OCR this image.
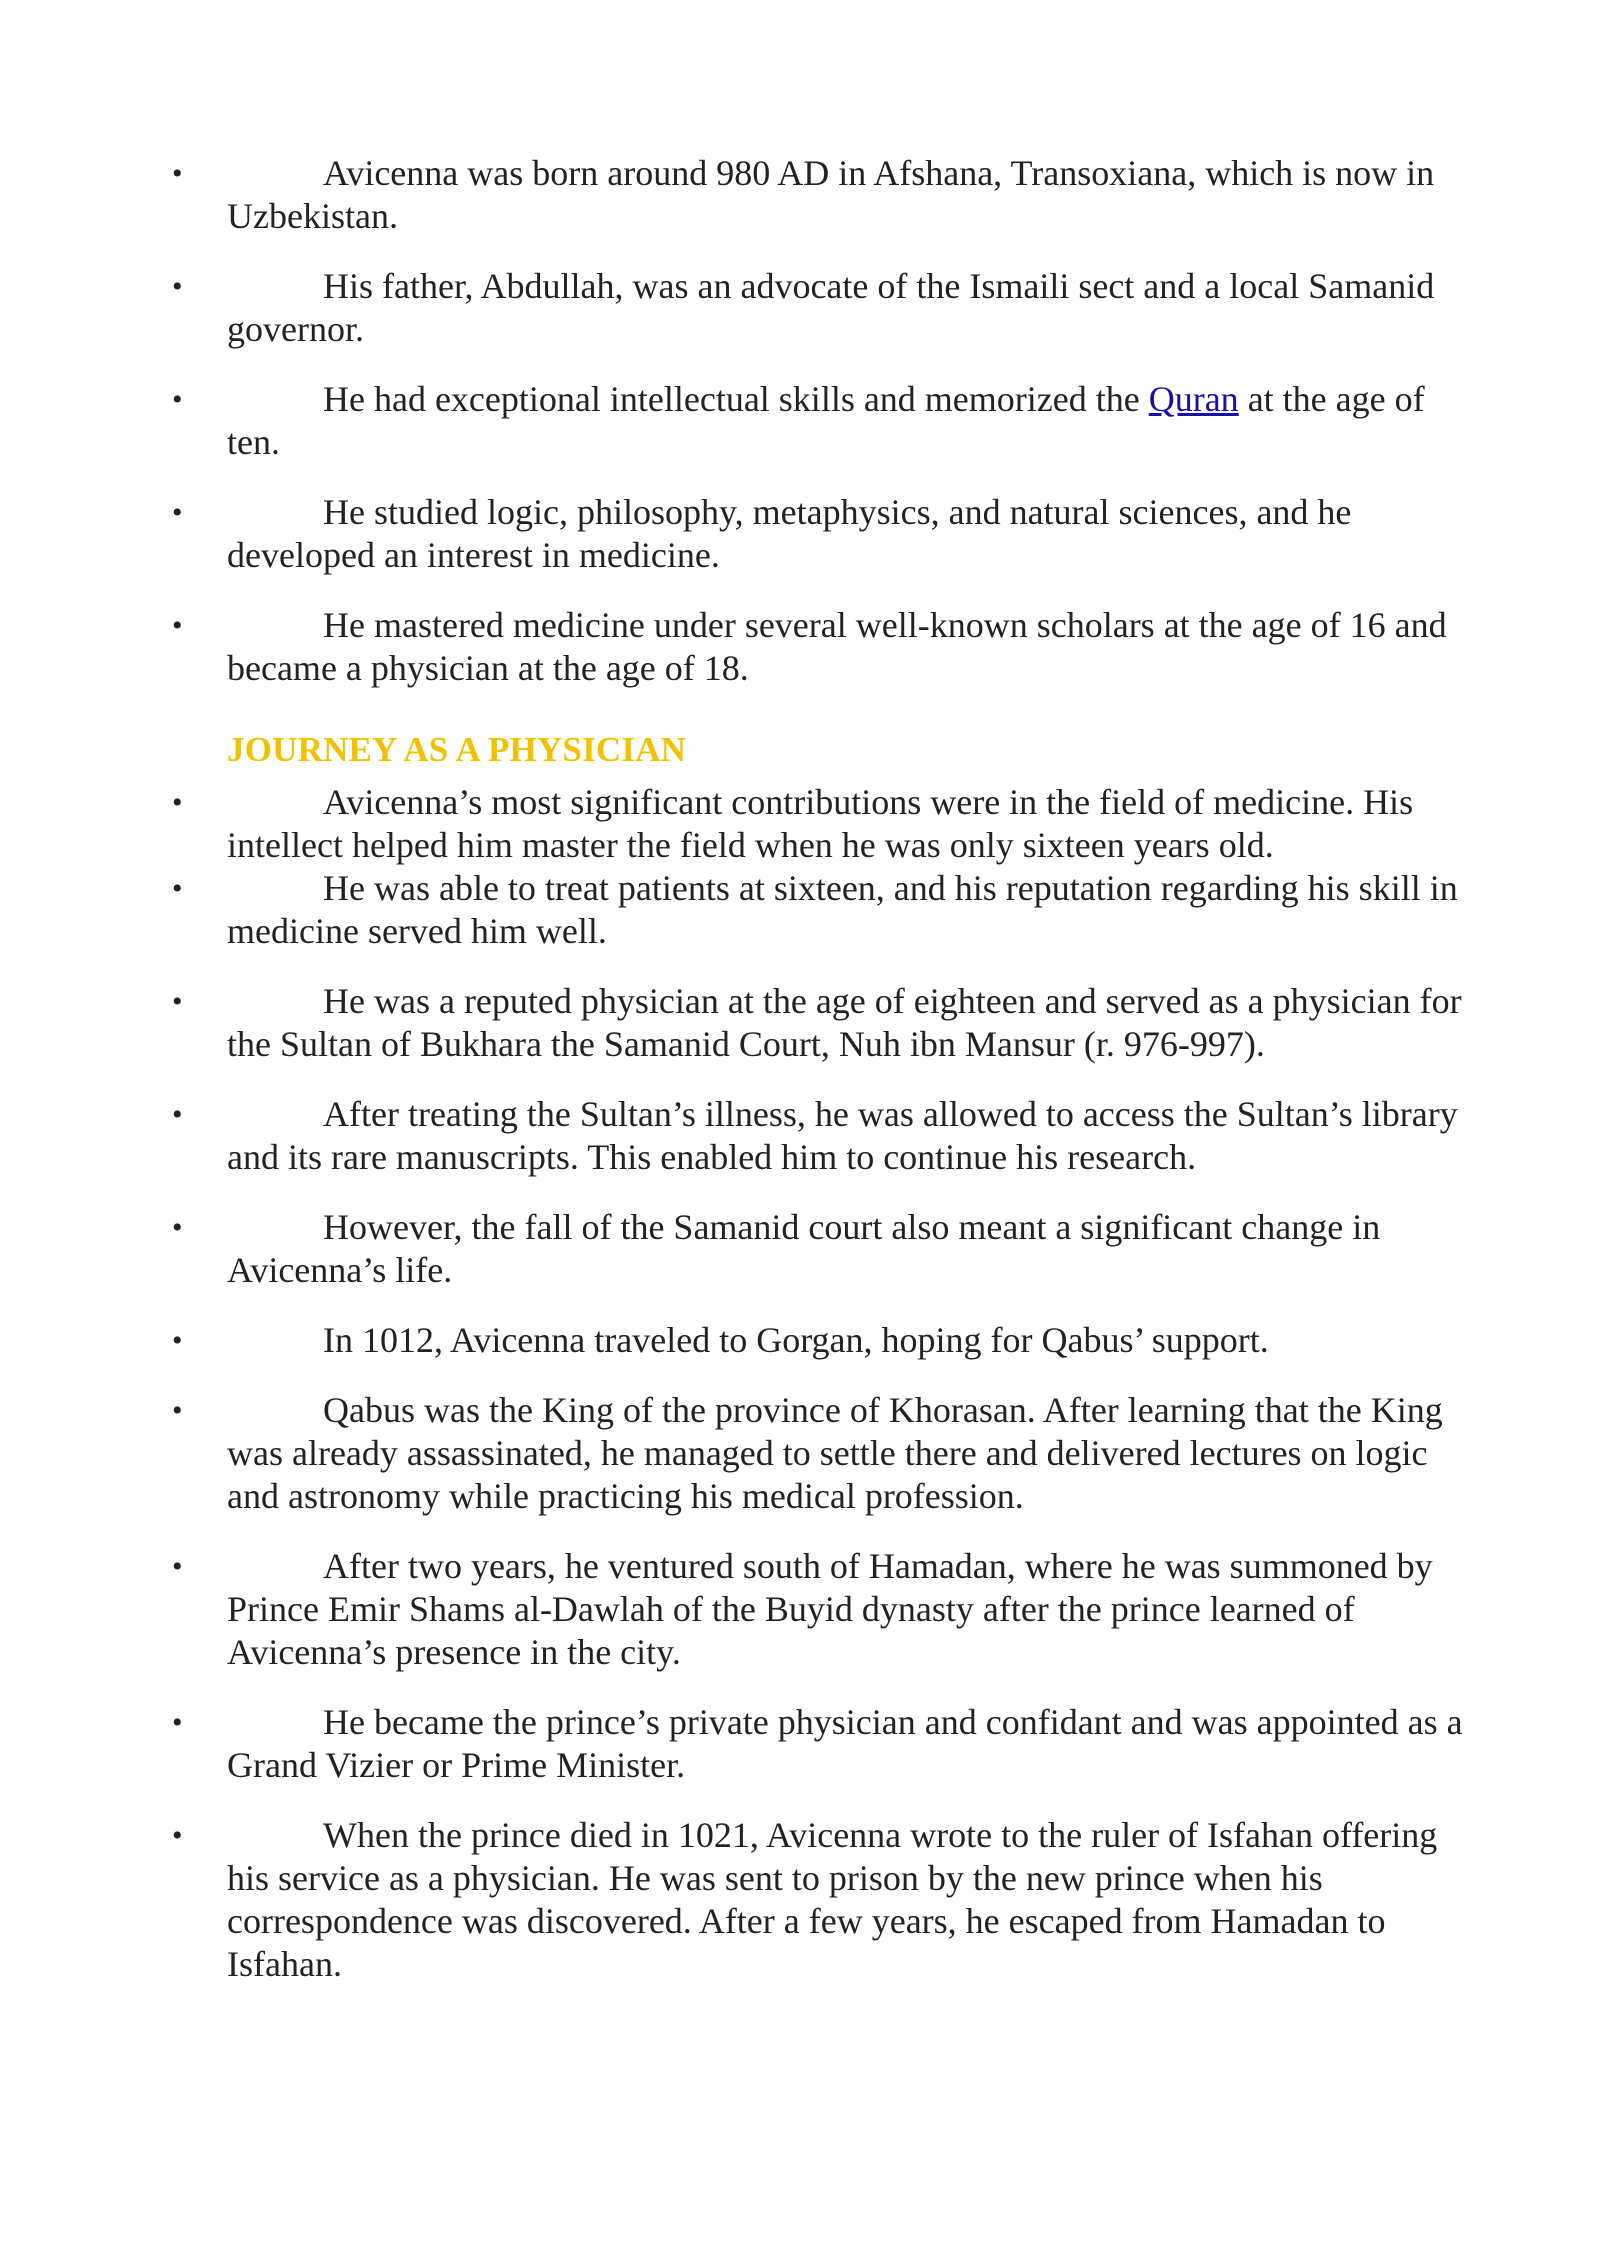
•	Avicenna was born around 980 AD in Afshana, Transoxiana, which is now in Uzbekistan.
•	His father, Abdullah, was an advocate of the Ismaili sect and a local Samanid governor.
•	He had exceptional intellectual skills and memorized the Quran at the age of ten.
•	He studied logic, philosophy, metaphysics, and natural sciences, and he developed an interest in medicine.
•	He mastered medicine under several well-known scholars at the age of 16 and became a physician at the age of 18.
JOURNEY AS A PHYSICIAN
•	Avicenna’s most significant contributions were in the field of medicine. His intellect helped him master the field when he was only sixteen years old.
•	He was able to treat patients at sixteen, and his reputation regarding his skill in medicine served him well.
•	He was a reputed physician at the age of eighteen and served as a physician for the Sultan of Bukhara the Samanid Court, Nuh ibn Mansur (r. 976-997).
•	After treating the Sultan’s illness, he was allowed to access the Sultan’s library and its rare manuscripts. This enabled him to continue his research.
•	However, the fall of the Samanid court also meant a significant change in Avicenna’s life.
•	In 1012, Avicenna traveled to Gorgan, hoping for Qabus’ support.
•	Qabus was the King of the province of Khorasan. After learning that the King was already assassinated, he managed to settle there and delivered lectures on logic and astronomy while practicing his medical profession.
•	After two years, he ventured south of Hamadan, where he was summoned by Prince Emir Shams al-Dawlah of the Buyid dynasty after the prince learned of Avicenna’s presence in the city.
•	He became the prince’s private physician and confidant and was appointed as a Grand Vizier or Prime Minister.
•	When the prince died in 1021, Avicenna wrote to the ruler of Isfahan offering his service as a physician. He was sent to prison by the new prince when his correspondence was discovered. After a few years, he escaped from Hamadan to Isfahan.
